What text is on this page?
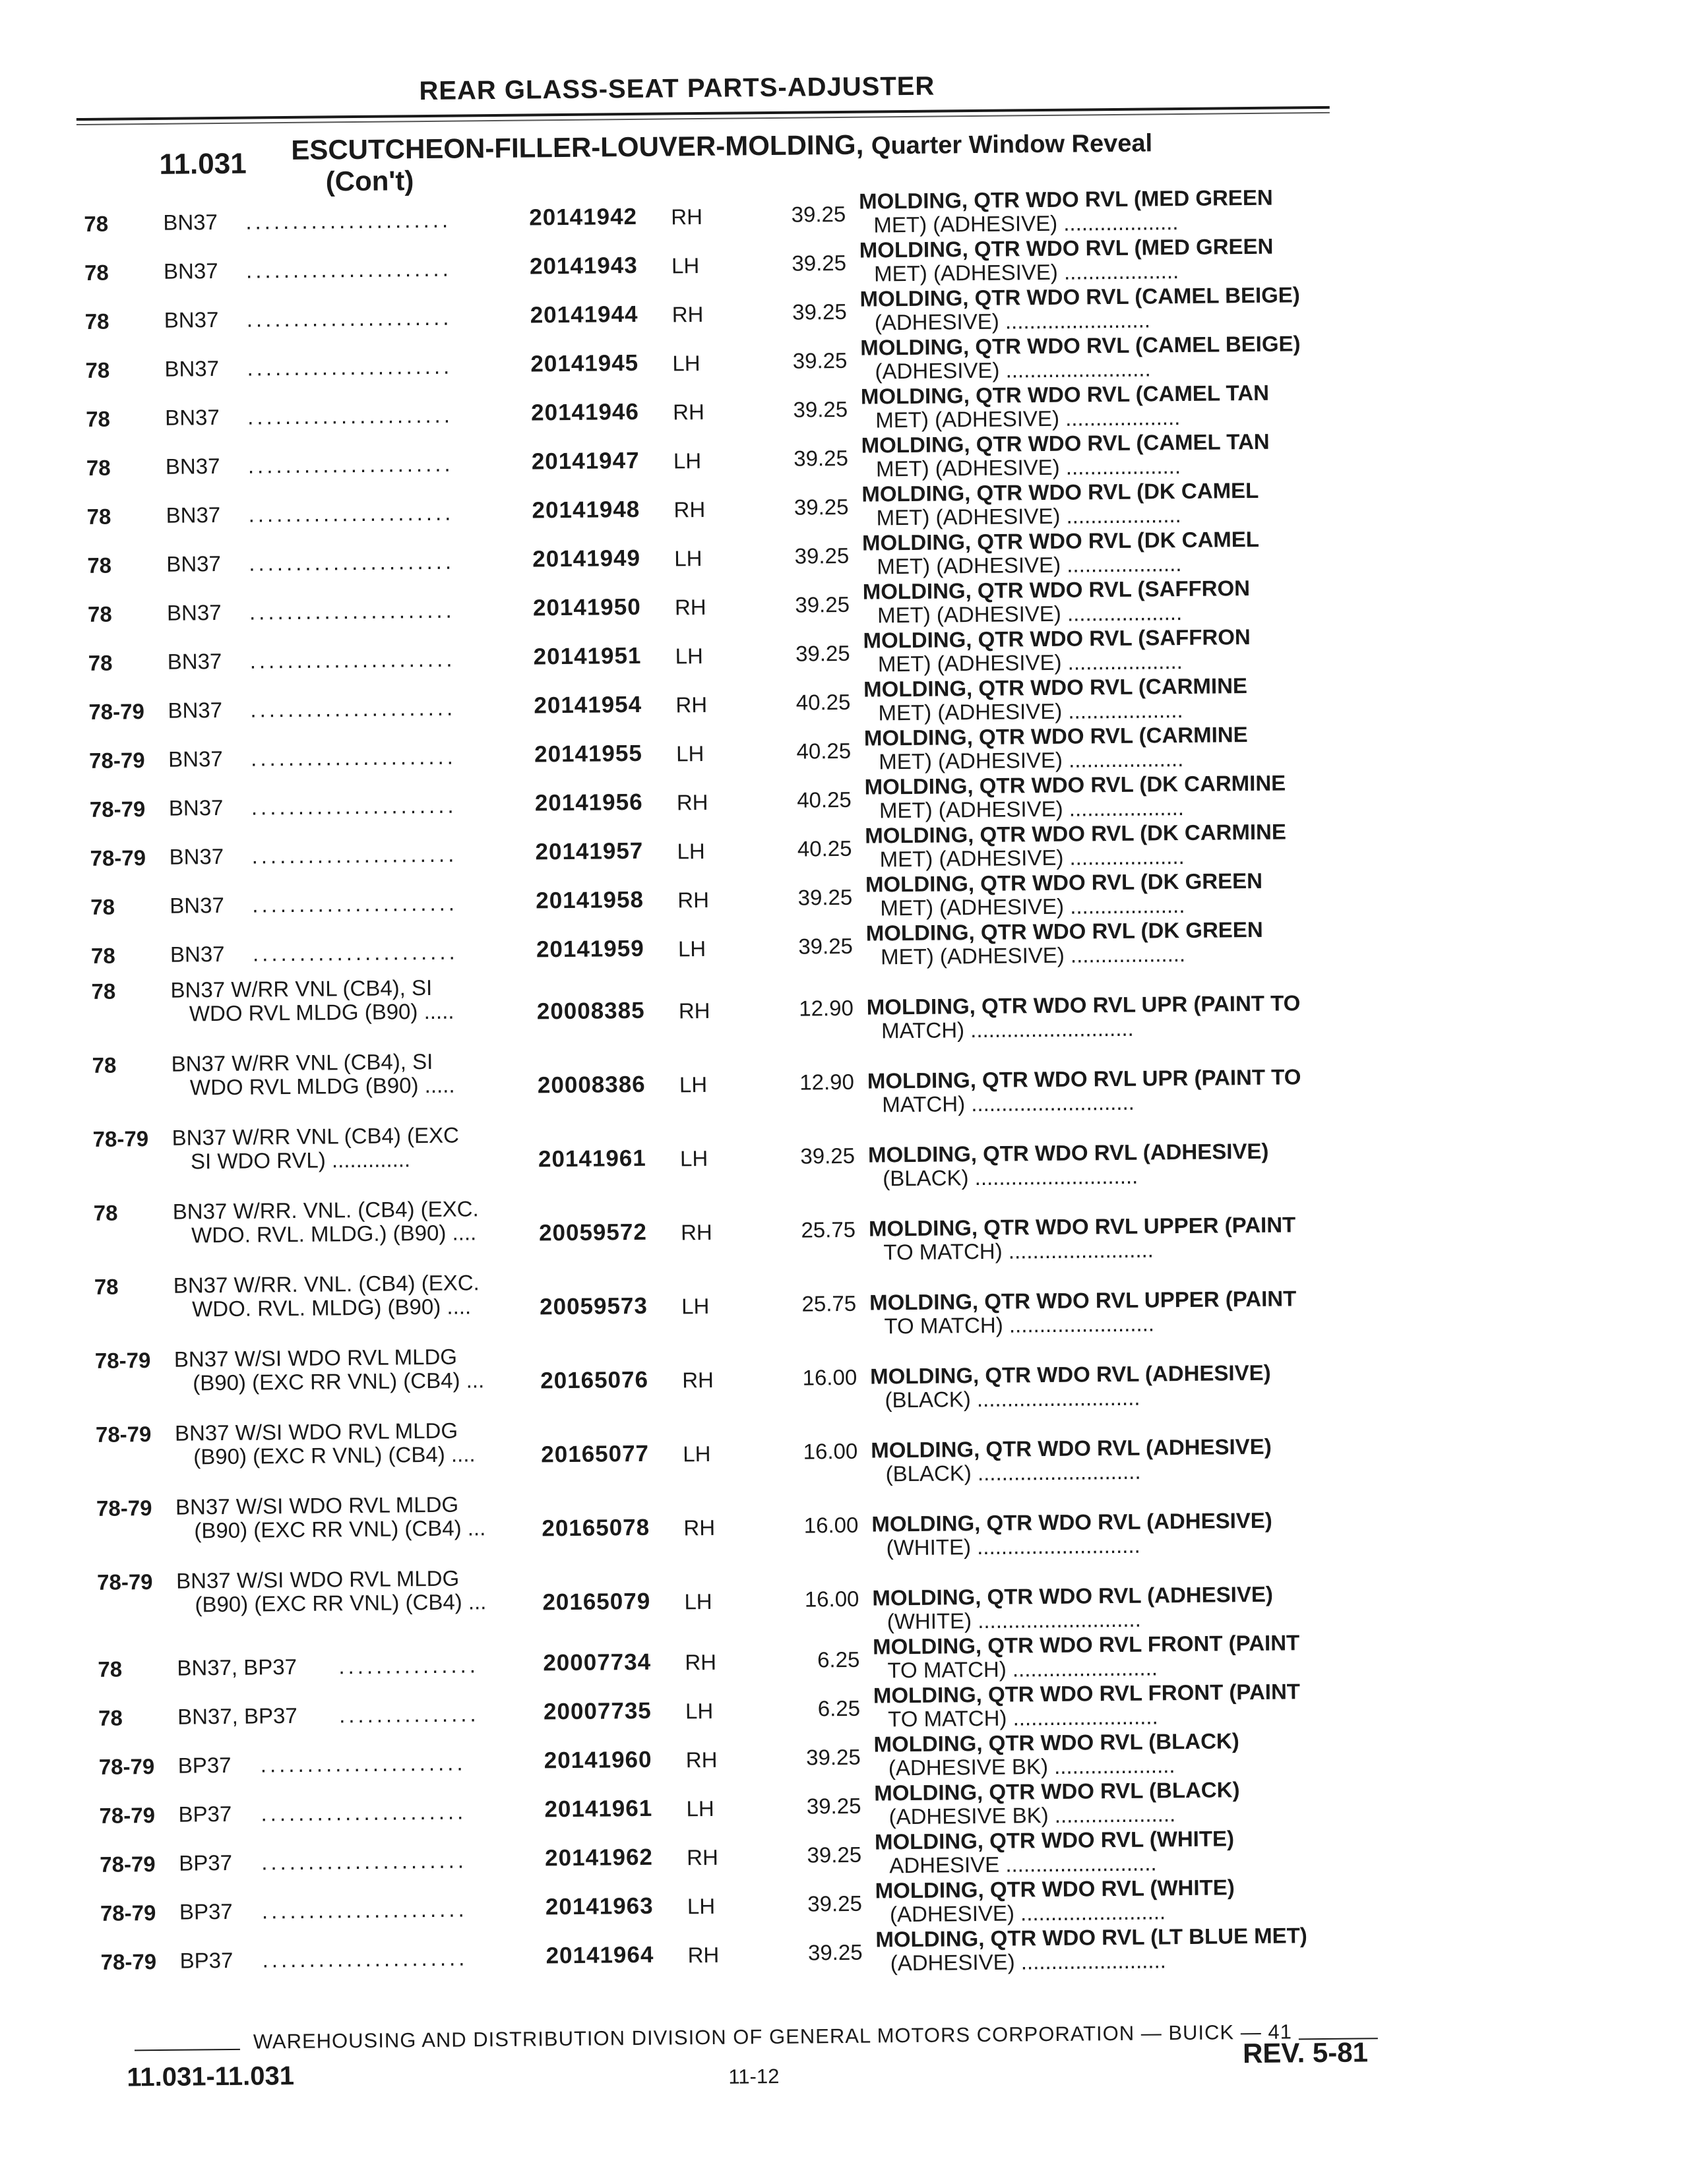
REAR GLASS-SEAT PARTS-ADJUSTER
11.031 ESCUTCHEON-FILLER-LOUVER-MOLDING, Quarter Window Reveal
(Con't)
78	BN37 ......................	20141942 RH	39.25
MOLDING, QTR WDO RVL (MED GREEN
MET) (ADHESIVE) ...................
78	BN37 ......................	20141943 LH	39.25
MOLDING, QTR WDO RVL (MED GREEN
MET) (ADHESIVE) ...................
78	BN37 ......................	20141944 RH	39.25
MOLDING, QTR WDO RVL (CAMEL BEIGE)
(ADHESIVE) ........................
78	BN37 ......................	20141945 LH	39.25
MOLDING, QTR WDO RVL (CAMEL BEIGE)
(ADHESIVE) ........................
78	BN37 ......................	20141946 RH	39.25
MOLDING, QTR WDO RVL (CAMEL TAN
MET) (ADHESIVE) ...................
78	BN37 ......................	20141947 LH	39.25
MOLDING, QTR WDO RVL (CAMEL TAN
MET) (ADHESIVE) ...................
78	BN37 ......................	20141948 RH	39.25
MOLDING, QTR WDO RVL (DK CAMEL
MET) (ADHESIVE) ...................
78	BN37 ......................	20141949 LH	39.25
MOLDING, QTR WDO RVL (DK CAMEL
MET) (ADHESIVE) ...................
78	BN37 ......................	20141950 RH	39.25
MOLDING, QTR WDO RVL (SAFFRON
MET) (ADHESIVE) ...................
78	BN37 ......................	20141951 LH	39.25
MOLDING, QTR WDO RVL (SAFFRON
MET) (ADHESIVE) ...................
78-79 BN37 ......................	20141954 RH	40.25
MOLDING, QTR WDO RVL (CARMINE
MET) (ADHESIVE) ...................
78-79 BN37 ......................	20141955 LH	40.25
MOLDING, QTR WDO RVL (CARMINE
MET) (ADHESIVE) ...................
78-79 BN37 ......................	20141956 RH	40.25
MOLDING, QTR WDO RVL (DK CARMINE
MET) (ADHESIVE) ...................
78-79 BN37 ......................	20141957 LH	40.25
MOLDING, QTR WDO RVL (DK CARMINE
MET) (ADHESIVE) ...................
78	BN37 ......................	20141958 RH	39.25
MOLDING, QTR WDO RVL (DK GREEN
MET) (ADHESIVE) ...................
78	BN37 ......................	20141959 LH	39.25
MOLDING, QTR WDO RVL (DK GREEN
MET) (ADHESIVE) ...................
78	BN37 W/RR VNL (CB4), SI
WDO RVL MLDG (B90) .....	20008385 RH	12.90 MOLDING, QTR WDO RVL UPR (PAINT TO
MATCH) ...........................
78	BN37 W/RR VNL (CB4), SI
WDO RVL MLDG (B90) .....	20008386 LH	12.90 MOLDING, QTR WDO RVL UPR (PAINT TO
MATCH) ...........................
78-79 BN37 W/RR VNL (CB4) (EXC
SI WDO RVL) .............	20141961 LH	39.25 MOLDING, QTR WDO RVL (ADHESIVE)
(BLACK) ...........................
78	BN37 W/RR. VNL. (CB4) (EXC.
WDO. RVL. MLDG.) (B90) ....	20059572 RH	25.75 MOLDING, QTR WDO RVL UPPER (PAINT
TO MATCH) ........................
78	BN37 W/RR. VNL. (CB4) (EXC.
WDO. RVL. MLDG) (B90) ....	20059573 LH	25.75 MOLDING, QTR WDO RVL UPPER (PAINT
TO MATCH) ........................
78-79 BN37 W/SI WDO RVL MLDG
(B90) (EXC RR VNL) (CB4) ... 20165076 RH	16.00 MOLDING, QTR WDO RVL (ADHESIVE)
(BLACK) ...........................
78-79 BN37 W/SI WDO RVL MLDG
(B90) (EXC R VNL) (CB4) ....	20165077 LH	16.00 MOLDING, QTR WDO RVL (ADHESIVE)
(BLACK) ...........................
78-79 BN37 W/SI WDO RVL MLDG
(B90) (EXC RR VNL) (CB4) ... 20165078 RH	16.00 MOLDING, QTR WDO RVL (ADHESIVE)
(WHITE) ...........................
78-79 BN37 W/SI WDO RVL MLDG
(B90) (EXC RR VNL) (CB4) ... 20165079 LH	16.00 MOLDING, QTR WDO RVL (ADHESIVE)
(WHITE) ...........................
78	BN37, BP37 ...............	20007734 RH	6.25
MOLDING, QTR WDO RVL FRONT (PAINT
TO MATCH) ........................
78	BN37, BP37 ...............	20007735 LH	6.25
MOLDING, QTR WDO RVL FRONT (PAINT
TO MATCH) ........................
78-79 BP37 ......................	20141960 RH	39.25
MOLDING, QTR WDO RVL (BLACK)
(ADHESIVE BK) ....................
78-79 BP37 ......................	20141961 LH	39.25
MOLDING, QTR WDO RVL (BLACK)
(ADHESIVE BK) ....................
78-79 BP37 ......................	20141962 RH	39.25
MOLDING, QTR WDO RVL (WHITE)
ADHESIVE .........................
78-79 BP37 ......................	20141963 LH	39.25
MOLDING, QTR WDO RVL (WHITE)
(ADHESIVE) ........................
78-79 BP37 ......................	20141964 RH	39.25
MOLDING, QTR WDO RVL (LT BLUE MET)
(ADHESIVE) ........................
WAREHOUSING AND DISTRIBUTION DIVISION OF GENERAL MOTORS CORPORATION — BUICK — 41
11.031-11.031	11-12
REV. 5-81
